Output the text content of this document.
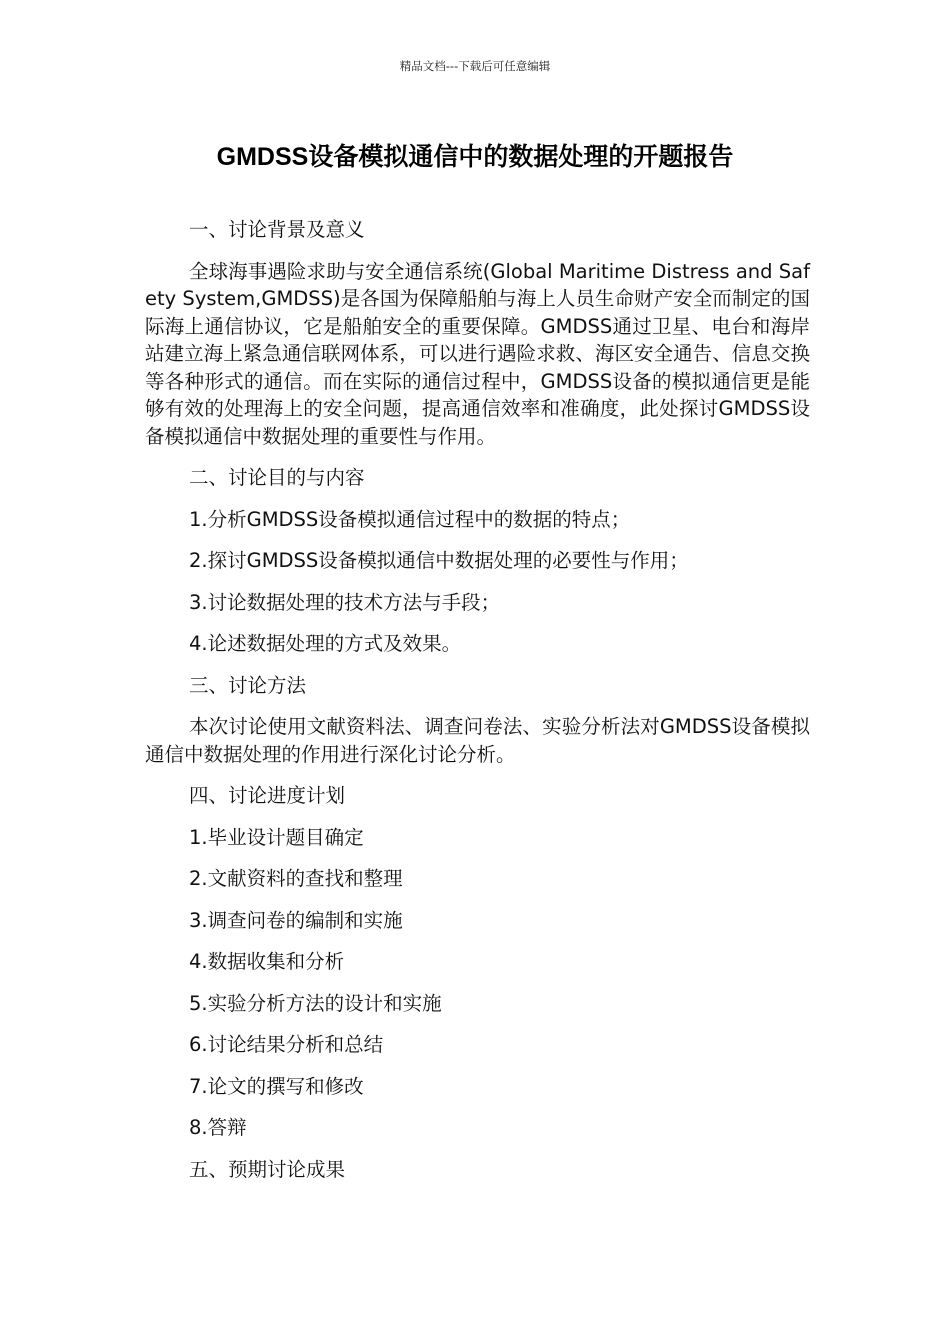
精品文档---下载后可任意编辑
GMDSS设备模拟通信中的数据处理的开题报告

一、讨论背景及意义

全球海事遇险求助与安全通信系统(Global Maritime Distress and Safety System,GMDSS)是各国为保障船舶与海上人员生命财产安全而制定的国际海上通信协议，它是船舶安全的重要保障。GMDSS通过卫星、电台和海岸站建立海上紧急通信联网体系，可以进行遇险求救、海区安全通告、信息交换等各种形式的通信。而在实际的通信过程中，GMDSS设备的模拟通信更是能够有效的处理海上的安全问题，提高通信效率和准确度，此处探讨GMDSS设备模拟通信中数据处理的重要性与作用。

二、讨论目的与内容

1.分析GMDSS设备模拟通信过程中的数据的特点；

2.探讨GMDSS设备模拟通信中数据处理的必要性与作用；

3.讨论数据处理的技术方法与手段；

4.论述数据处理的方式及效果。

三、讨论方法

本次讨论使用文献资料法、调查问卷法、实验分析法对GMDSS设备模拟通信中数据处理的作用进行深化讨论分析。

四、讨论进度计划

1.毕业设计题目确定

2.文献资料的查找和整理

3.调查问卷的编制和实施

4.数据收集和分析

5.实验分析方法的设计和实施

6.讨论结果分析和总结

7.论文的撰写和修改

8.答辩

五、预期讨论成果
